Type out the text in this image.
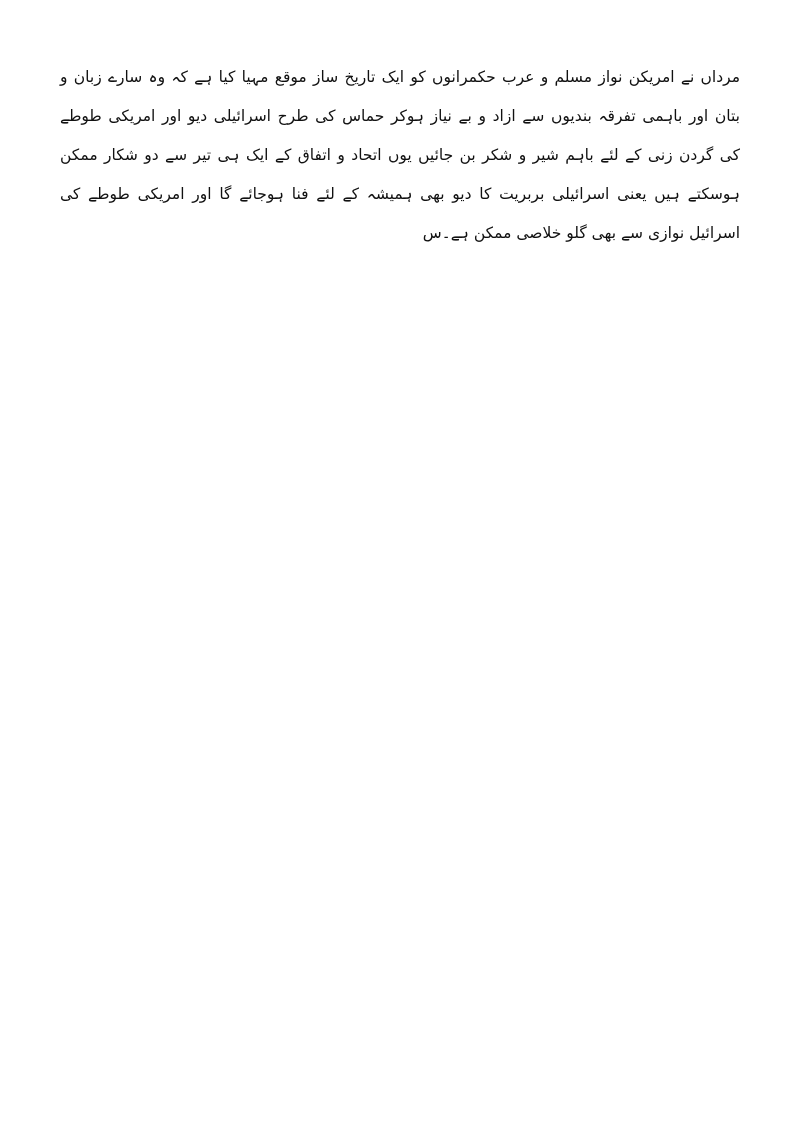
مرداں نے امریکن نواز مسلم و عرب حکمرانوں کو ایک تاریخ ساز موقع مہیا کیا ہے کہ وہ سارے زبان و
بتان اور باہمی تفرقہ بندیوں سے ازاد و بے نیاز ہوکر حماس کی طرح اسرائیلی دیو اور امریکی طوطے
کی گردن زنی کے لئے باہم شیر و شکر بن جائیں یوں اتحاد و اتفاق کے ایک ہی تیر سے دو شکار ممکن
ہوسکتے ہیں یعنی اسرائیلی بربریت کا دیو بھی ہمیشہ کے لئے فنا ہوجائے گا اور امریکی طوطے کی
اسرائیل نوازی سے بھی گلو خلاصی ممکن ہے۔س
